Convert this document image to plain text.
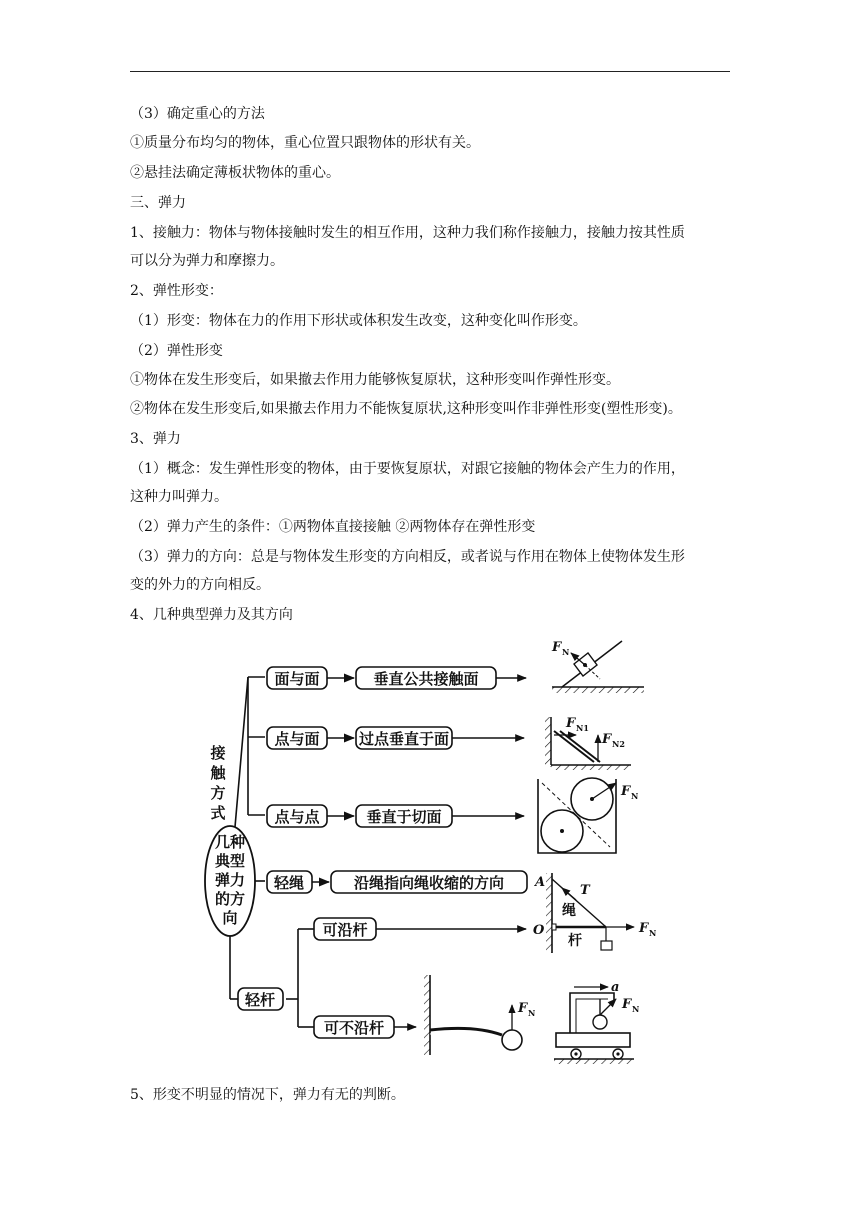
（3）确定重心的方法
①质量分布均匀的物体，重心位置只跟物体的形状有关。
②悬挂法确定薄板状物体的重心。
三、弹力
1、接触力：物体与物体接触时发生的相互作用，这种力我们称作接触力，接触力按其性质
可以分为弹力和摩擦力。
2、弹性形变：
（1）形变：物体在力的作用下形状或体积发生改变，这种变化叫作形变。
（2）弹性形变
①物体在发生形变后，如果撤去作用力能够恢复原状，这种形变叫作弹性形变。
②物体在发生形变后,如果撤去作用力不能恢复原状,这种形变叫作非弹性形变(塑性形变)。
3、弹力
（1）概念：发生弹性形变的物体，由于要恢复原状，对跟它接触的物体会产生力的作用，
这种力叫弹力。
（2）弹力产生的条件：①两物体直接接触 ②两物体存在弹性形变
（3）弹力的方向：总是与物体发生形变的方向相反，或者说与作用在物体上使物体发生形
变的外力的方向相反。
4、几种典型弹力及其方向
5、形变不明显的情况下，弹力有无的判断。
接
触
方
式
几种
典型
弹力
的方
向
面与面
点与面
点与点
轻绳
轻杆
可沿杆
可不沿杆
垂直公共接触面
过点垂直于面
垂直于切面
沿绳指向绳收缩的方向
F N
F N1
F N2
F N
A
O
T
绳
杆
F N
F N
a
F N
